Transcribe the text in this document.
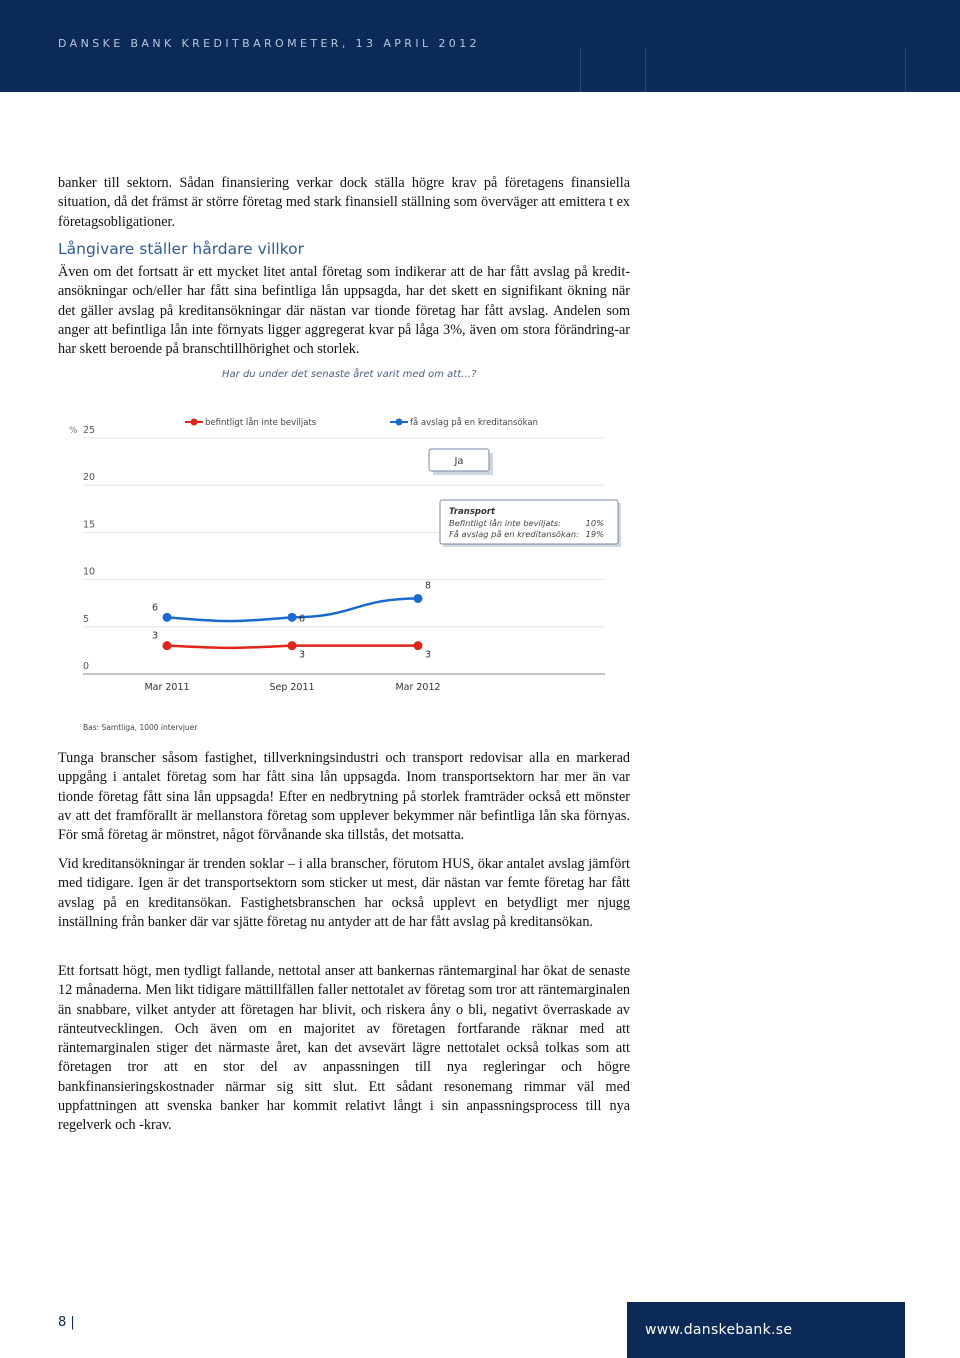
DANSKE BANK KREDITBAROMETER, 13 APRIL 2012

banker till sektorn. Sådan finansiering verkar dock ställa högre krav på företagens finansiella situation, då det främst är större företag med stark finansiell ställning som överväger att emittera t ex företagsobligationer.

Långivare ställer hårdare villkor

Även om det fortsatt är ett mycket litet antal företag som indikerar att de har fått avslag på kredit-ansökningar och/eller har fått sina befintliga lån uppsagda, har det skett en signifikant ökning när det gäller avslag på kreditansökningar där nästan var tionde företag har fått avslag. Andelen som anger att befintliga lån inte förnyats ligger aggregerat kvar på låga 3%, även om stora förändring-ar har skett beroende på branschtillhörighet och storlek.

Har du under det senaste året varit med om att…?
0
5
10
15
20
25
%
Mar 2011	Sep 2011	Mar 2012
befintligt lån inte beviljats	få avslag på en kreditansökan
3
3	3
6
6
8
Ja
Transport
Befintligt lån inte beviljats:	10%
Få avslag på en kreditansökan: 19%
Bas: Samtliga, 1000 intervjuer

Tunga branscher såsom fastighet, tillverkningsindustri och transport redovisar alla en markerad uppgång i antalet företag som har fått sina lån uppsagda. Inom transportsektorn har mer än var tionde företag fått sina lån uppsagda! Efter en nedbrytning på storlek framträder också ett mönster av att det framförallt är mellanstora företag som upplever bekymmer när befintliga lån ska förnyas. För små företag är mönstret, något förvånande ska tillstås, det motsatta.

Vid kreditansökningar är trenden soklar – i alla branscher, förutom HUS, ökar antalet avslag jämfört med tidigare. Igen är det transportsektorn som sticker ut mest, där nästan var femte företag har fått avslag på en kreditansökan. Fastighetsbranschen har också upplevt en betydligt mer njugg inställning från banker där var sjätte företag nu antyder att de har fått avslag på kreditansökan.

Ett fortsatt högt, men tydligt fallande, nettotal anser att bankernas räntemarginal har ökat de senaste 12 månaderna. Men likt tidigare mättillfällen faller nettotalet av företag som tror att räntemarginalen än snabbare, vilket antyder att företagen har blivit, och riskera åny o bli, negativt överraskade av ränteutvecklingen. Och även om en majoritet av företagen fortfarande räknar med att räntemarginalen stiger det närmaste året, kan det avsevärt lägre nettotalet också tolkas som att företagen tror att en stor del av anpassningen till nya regleringar och högre bankfinansieringskostnader närmar sig sitt slut. Ett sådant resonemang rimmar väl med uppfattningen att svenska banker har kommit relativt långt i sin anpassningsprocess till nya regelverk och -krav.

8 |	www.danskebank.se
